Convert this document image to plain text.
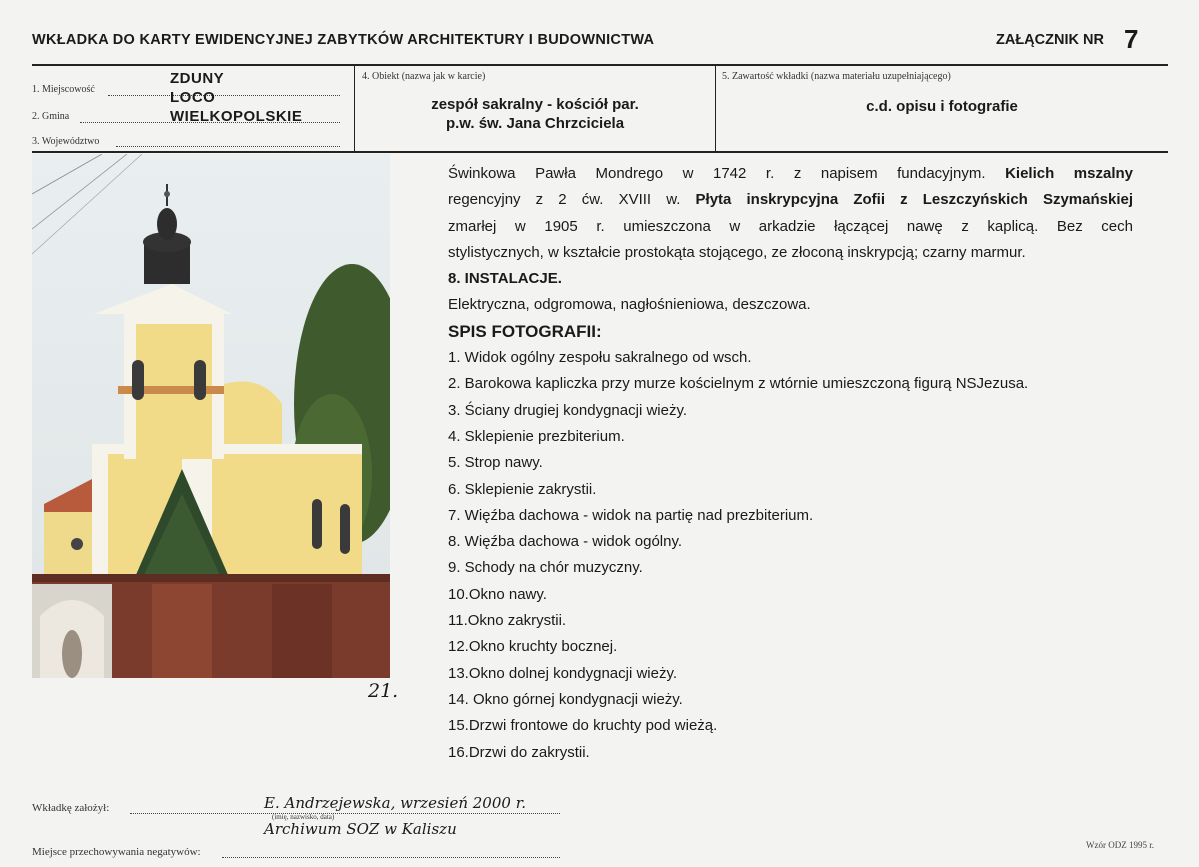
WKŁADKA DO KARTY EWIDENCYJNEJ ZABYTKÓW ARCHITEKTURY I BUDOWNICTWA	ZAŁĄCZNIK NR 7
1. Miejscowość
ZDUNY
2. Gmina
LOCO
3. Województwo
WIELKOPOLSKIE
4. Obiekt (nazwa jak w karcie)
zespół sakralny - kościół par.
p.w. św. Jana Chrzciciela
5. Zawartość wkładki (nazwa materiału uzupełniającego)
c.d. opisu i fotografie
21.

Świnkowa Pawła Mondrego w 1742 r. z napisem fundacyjnym. Kielich mszalny

regencyjny z 2 ćw. XVIII w. Płyta inskrypcyjna Zofii z Leszczyńskich Szymańskiej

zmarłej w 1905 r. umieszczona w arkadzie łączącej nawę z kaplicą. Bez cech

stylistycznych, w kształcie prostokąta stojącego, ze złoconą inskrypcją; czarny marmur.

8. INSTALACJE.

Elektryczna, odgromowa, nagłośnieniowa, deszczowa.

SPIS FOTOGRAFII:

1. Widok ogólny zespołu sakralnego od wsch.

2. Barokowa kapliczka przy murze kościelnym z wtórnie umieszczoną figurą NSJezusa.

3. Ściany drugiej kondygnacji wieży.

4. Sklepienie prezbiterium.

5. Strop nawy.

6. Sklepienie zakrystii.

7. Więźba dachowa - widok na partię nad prezbiterium.

8. Więźba dachowa - widok ogólny.

9. Schody na chór muzyczny.

10.Okno nawy.

11.Okno zakrystii.

12.Okno kruchty bocznej.

13.Okno dolnej kondygnacji wieży.

14. Okno górnej kondygnacji wieży.

15.Drzwi frontowe do kruchty pod wieżą.

16.Drzwi do zakrystii.

Wkładkę założył:	E. Andrzejewska, wrzesień 2000 r.
(imię, nazwisko, data)
Archiwum SOZ w Kaliszu
Miejsce przechowywania negatywów:
Wzór ODZ 1995 r.
